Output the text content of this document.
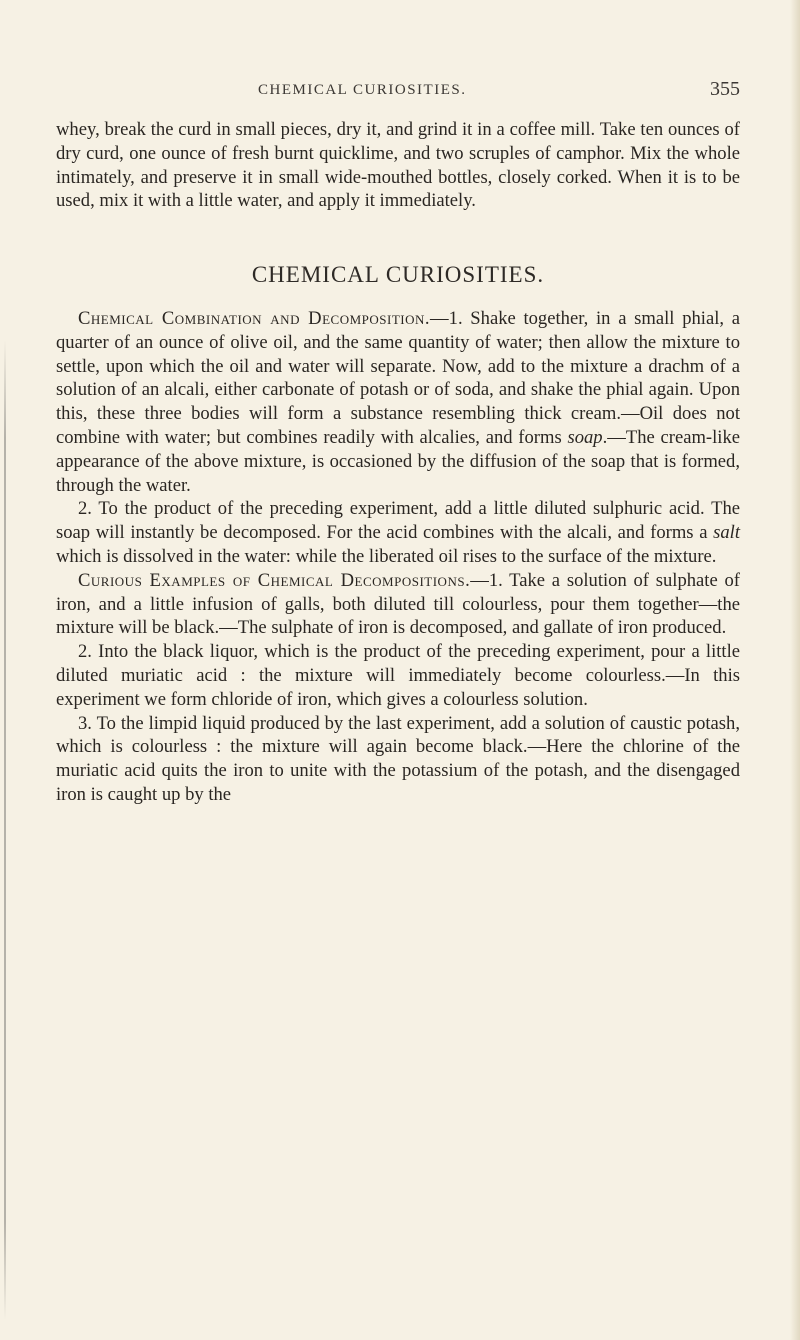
CHEMICAL CURIOSITIES.	355

whey, break the curd in small pieces, dry it, and grind it in a coffee mill. Take ten ounces of dry curd, one ounce of fresh burnt quicklime, and two scruples of camphor. Mix the whole intimately, and preserve it in small wide-mouthed bottles, closely corked. When it is to be used, mix it with a little water, and apply it immediately.

CHEMICAL CURIOSITIES.

Chemical Combination and Decomposition.—1. Shake together, in a small phial, a quarter of an ounce of olive oil, and the same quantity of water; then allow the mixture to settle, upon which the oil and water will separate. Now, add to the mixture a drachm of a solution of an alcali, either carbonate of potash or of soda, and shake the phial again. Upon this, these three bodies will form a substance resembling thick cream.—Oil does not combine with water; but combines readily with alcalies, and forms soap.—The cream-like appearance of the above mixture, is occasioned by the diffusion of the soap that is formed, through the water.

2. To the product of the preceding experiment, add a little diluted sulphuric acid. The soap will instantly be decomposed. For the acid combines with the alcali, and forms a salt which is dissolved in the water: while the liberated oil rises to the surface of the mixture.

Curious Examples of Chemical Decompositions.—1. Take a solution of sulphate of iron, and a little infusion of galls, both diluted till colourless, pour them together—the mixture will be black.—The sulphate of iron is decomposed, and gallate of iron produced.

2. Into the black liquor, which is the product of the preceding experiment, pour a little diluted muriatic acid : the mixture will immediately become colourless.—In this experiment we form chloride of iron, which gives a colourless solution.

3. To the limpid liquid produced by the last experiment, add a solution of caustic potash, which is colourless : the mixture will again become black.—Here the chlorine of the muriatic acid quits the iron to unite with the potassium of the potash, and the disengaged iron is caught up by the
